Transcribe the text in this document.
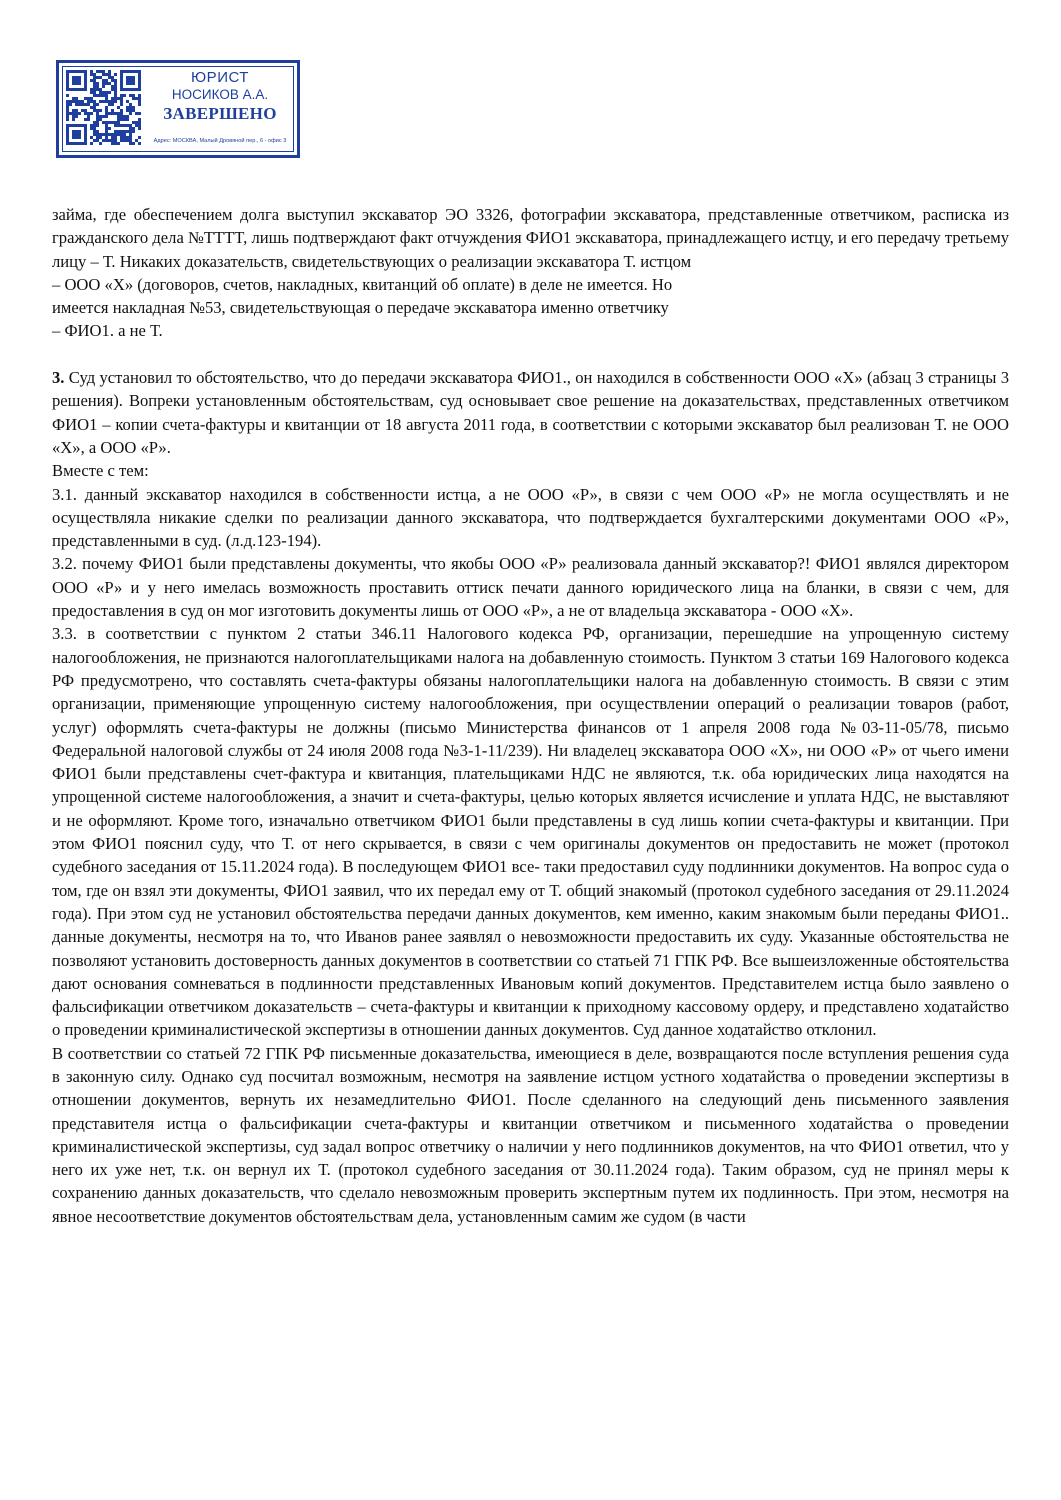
ЮРИСТ
НОСИКОВ А.А.
ЗАВЕРШЕНО
Адрес: МОСКВА, Малый Дровяной пер., 6 - офис 3

займа, где обеспечением долга выступил экскаватор ЭО 3326, фотографии экскаватора, представленные ответчиком, расписка из гражданского дела №TTTT, лишь подтверждают факт отчуждения ФИО1 экскаватора, принадлежащего истцу, и его передачу третьему лицу – Т. Никаких доказательств, свидетельствующих о реализации экскаватора Т. истцом

– ООО «Х» (договоров, счетов, накладных, квитанций об оплате) в деле не имеется. Но

имеется накладная №53, свидетельствующая о передаче экскаватора именно ответчику

– ФИО1. а не Т.

3. Суд установил то обстоятельство, что до передачи экскаватора ФИО1., он находился в собственности ООО «Х» (абзац 3 страницы 3 решения). Вопреки установленным обстоятельствам, суд основывает свое решение на доказательствах, представленных ответчиком ФИО1 – копии счета-фактуры и квитанции от 18 августа 2011 года, в соответствии с которыми экскаватор был реализован Т. не ООО «Х», а ООО «Р».

Вместе с тем:

3.1. данный экскаватор находился в собственности истца, а не ООО «Р», в связи с чем ООО «Р» не могла осуществлять и не осуществляла никакие сделки по реализации данного экскаватора, что подтверждается бухгалтерскими документами ООО «Р», представленными в суд. (л.д.123-194).

3.2. почему ФИО1 были представлены документы, что якобы ООО «Р» реализовала данный экскаватор?! ФИО1 являлся директором ООО «Р» и у него имелась возможность проставить оттиск печати данного юридического лица на бланки, в связи с чем, для предоставления в суд он мог изготовить документы лишь от ООО «Р», а не от владельца экскаватора - ООО «Х».

3.3. в соответствии с пунктом 2 статьи 346.11 Налогового кодекса РФ, организации, перешедшие на упрощенную систему налогообложения, не признаются налогоплательщиками налога на добавленную стоимость. Пунктом 3 статьи 169 Налогового кодекса РФ предусмотрено, что составлять счета-фактуры обязаны налогоплательщики налога на добавленную стоимость. В связи с этим организации, применяющие упрощенную систему налогообложения, при осуществлении операций о реализации товаров (работ, услуг) оформлять счета-фактуры не должны (письмо Министерства финансов от 1 апреля 2008 года №03-11-05/78, письмо Федеральной налоговой службы от 24 июля 2008 года №3-1-11/239). Ни владелец экскаватора ООО «Х», ни ООО «Р» от чьего имени ФИО1 были представлены счет-фактура и квитанция, плательщиками НДС не являются, т.к. оба юридических лица находятся на упрощенной системе налогообложения, а значит и счета-фактуры, целью которых является исчисление и уплата НДС, не выставляют и не оформляют. Кроме того, изначально ответчиком ФИО1 были представлены в суд лишь копии счета-фактуры и квитанции. При этом ФИО1 пояснил суду, что Т. от него скрывается, в связи с чем оригиналы документов он предоставить не может (протокол судебного заседания от 15.11.2024 года). В последующем ФИО1 все- таки предоставил суду подлинники документов. На вопрос суда о том, где он взял эти документы, ФИО1 заявил, что их передал ему от Т. общий знакомый (протокол судебного заседания от 29.11.2024 года). При этом суд не установил обстоятельства передачи данных документов, кем именно, каким знакомым были переданы ФИО1.. данные документы, несмотря на то, что Иванов ранее заявлял о невозможности предоставить их суду. Указанные обстоятельства не позволяют установить достоверность данных документов в соответствии со статьей 71 ГПК РФ. Все вышеизложенные обстоятельства дают основания сомневаться в подлинности представленных Ивановым копий документов. Представителем истца было заявлено о фальсификации ответчиком доказательств – счета-фактуры и квитанции к приходному кассовому ордеру, и представлено ходатайство о проведении криминалистической экспертизы в отношении данных документов. Суд данное ходатайство отклонил.

В соответствии со статьей 72 ГПК РФ письменные доказательства, имеющиеся в деле, возвращаются после вступления решения суда в законную силу. Однако суд посчитал возможным, несмотря на заявление истцом устного ходатайства о проведении экспертизы в отношении документов, вернуть их незамедлительно ФИО1. После сделанного на следующий день письменного заявления представителя истца о фальсификации счета-фактуры и квитанции ответчиком и письменного ходатайства о проведении криминалистической экспертизы, суд задал вопрос ответчику о наличии у него подлинников документов, на что ФИО1 ответил, что у него их уже нет, т.к. он вернул их Т. (протокол судебного заседания от 30.11.2024 года). Таким образом, суд не принял меры к сохранению данных доказательств, что сделало невозможным проверить экспертным путем их подлинность. При этом, несмотря на явное несоответствие документов обстоятельствам дела, установленным самим же судом (в части
